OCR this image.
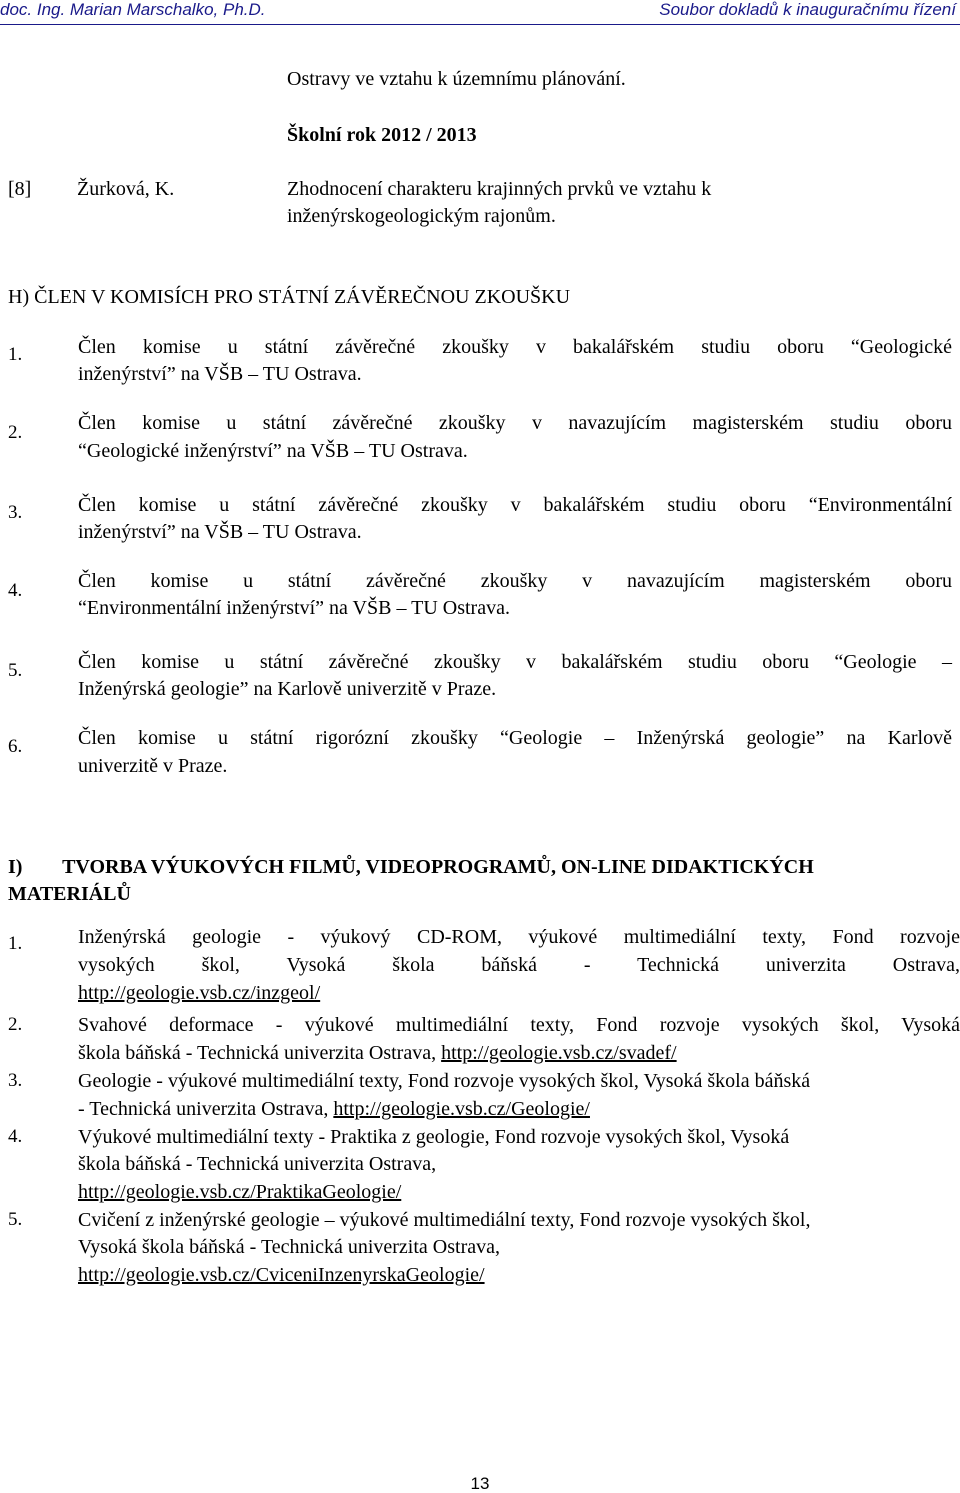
doc. Ing. Marian Marschalko, Ph.D.	Soubor dokladů k inauguračnímu řízení
Ostravy ve vztahu k územnímu plánování.
Školní rok 2012 / 2013
[8] Žurková, K.	Zhodnocení charakteru krajinných prvků ve vztahu k
inženýrskogeologickým rajonům.
H) ČLEN V KOMISÍCH PRO STÁTNÍ ZÁVĚREČNOU ZKOUŠKU
1.	Člen komise u státní závěrečné zkoušky v bakalářském studiu oboru “Geologické
inženýrství” na VŠB – TU Ostrava.
2.	Člen komise u státní závěrečné zkoušky v navazujícím magisterském studiu oboru
“Geologické inženýrství” na VŠB – TU Ostrava.
3.	Člen komise u státní závěrečné zkoušky v bakalářském studiu oboru “Environmentální
inženýrství” na VŠB – TU Ostrava.
4.	Člen komise u státní závěrečné zkoušky v navazujícím magisterském oboru
“Environmentální inženýrství” na VŠB – TU Ostrava.
5.	Člen komise u státní závěrečné zkoušky v bakalářském studiu oboru “Geologie –
Inženýrská geologie” na Karlově univerzitě v Praze.
6.	Člen komise u státní rigorózní zkoušky “Geologie – Inženýrská geologie” na Karlově
univerzitě v Praze.
I)        TVORBA VÝUKOVÝCH FILMŮ, VIDEOPROGRAMŮ, ON-LINE DIDAKTICKÝCH
MATERIÁLŮ
1.	Inženýrská geologie - výukový CD-ROM, výukové multimediální texty, Fond rozvoje
vysokých škol, Vysoká škola báňská - Technická univerzita Ostrava,
http://geologie.vsb.cz/inzgeol/
2.	Svahové deformace - výukové multimediální texty, Fond rozvoje vysokých škol, Vysoká
škola báňská - Technická univerzita Ostrava, http://geologie.vsb.cz/svadef/
3.	Geologie - výukové multimediální texty, Fond rozvoje vysokých škol, Vysoká škola báňská
- Technická univerzita Ostrava, http://geologie.vsb.cz/Geologie/
4.	Výukové multimediální texty - Praktika z geologie, Fond rozvoje vysokých škol, Vysoká
škola báňská - Technická univerzita Ostrava,
http://geologie.vsb.cz/PraktikaGeologie/
5.	Cvičení z inženýrské geologie – výukové multimediální texty, Fond rozvoje vysokých škol,
Vysoká škola báňská - Technická univerzita Ostrava,
http://geologie.vsb.cz/CviceniInzenyrskaGeologie/
13
